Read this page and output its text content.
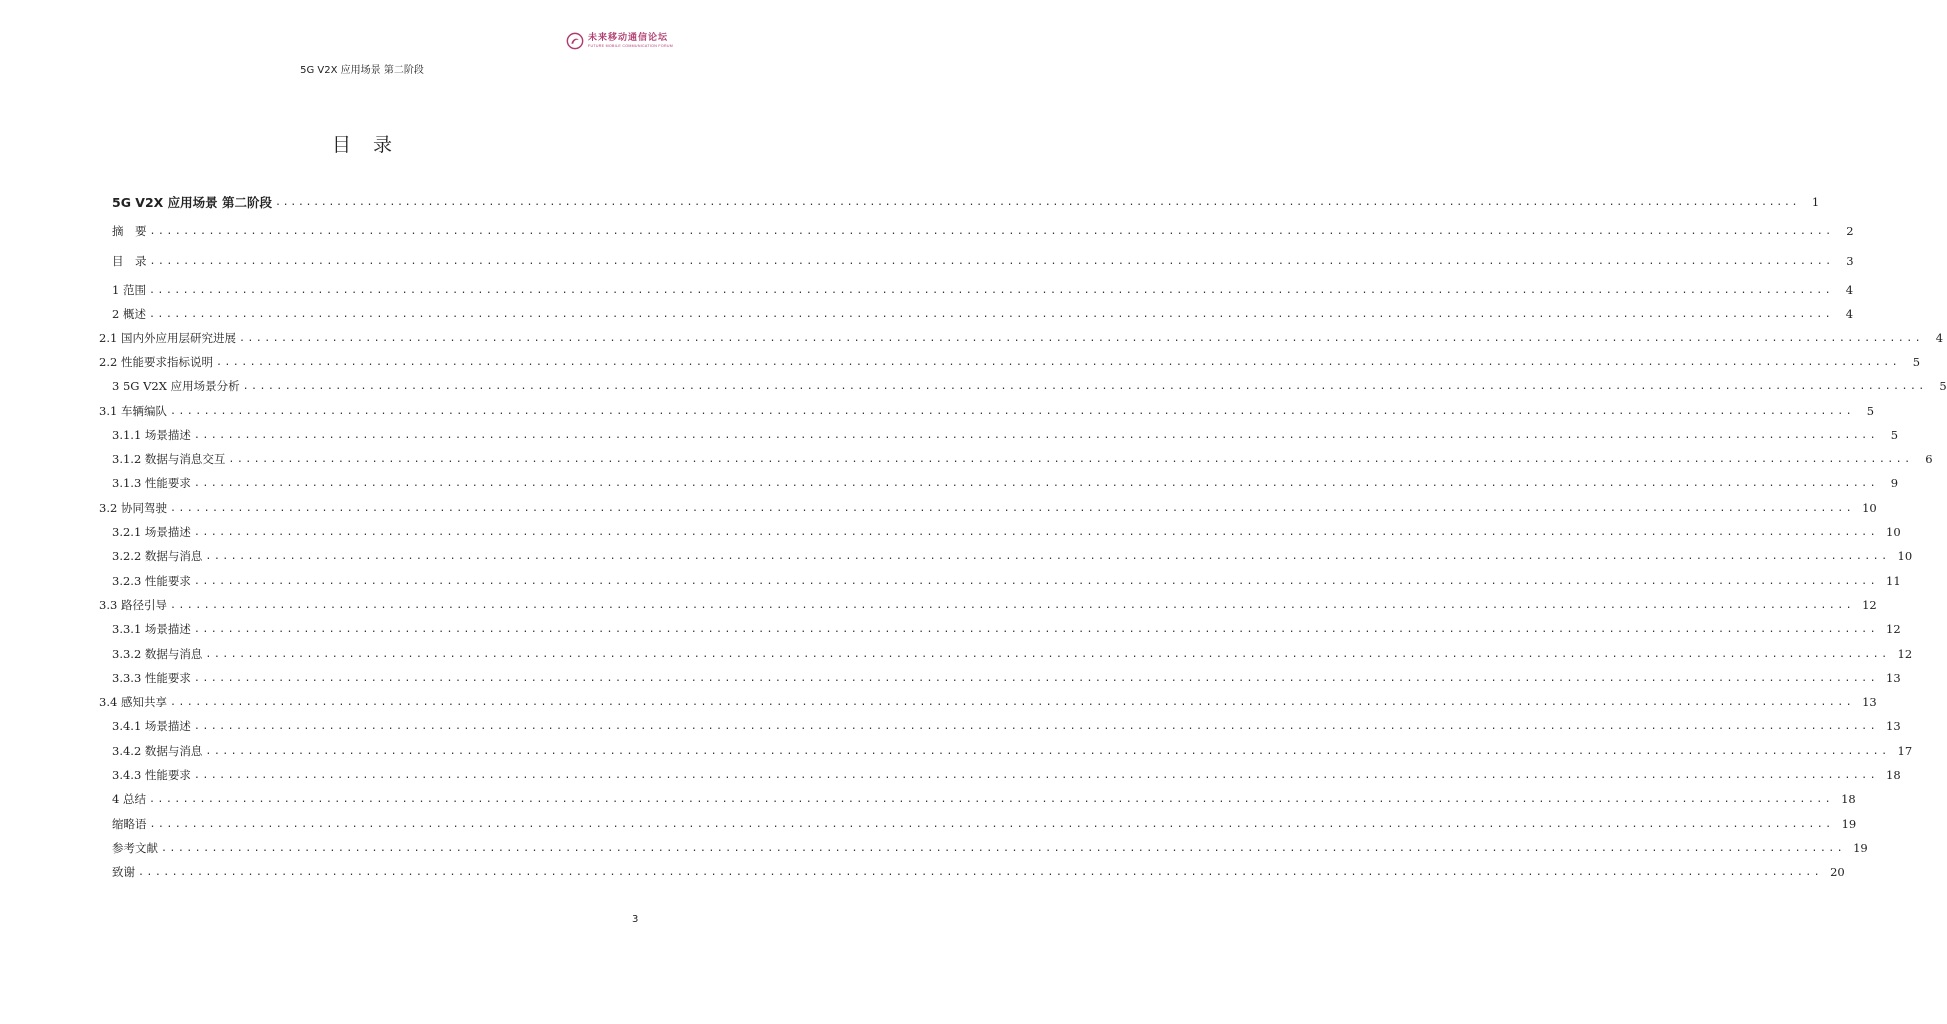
未来移动通信论坛
FUTURE MOBILE COMMUNICATION FORUM
5G V2X 应用场景 第二阶段
目 录
5G V2X 应用场景 第二阶段 ........................................................................................................................................................................................................	1
摘　要 ........................................................................................................................................................................................................	2
目　录 ........................................................................................................................................................................................................	3
1 范围 ........................................................................................................................................................................................................	4
2 概述 ........................................................................................................................................................................................................	4
2.1 国内外应用层研究进展 ........................................................................................................................................................................................................	4
2.2 性能要求指标说明 ........................................................................................................................................................................................................	5
3 5G V2X 应用场景分析 ........................................................................................................................................................................................................	5
3.1 车辆编队 ........................................................................................................................................................................................................	5
3.1.1 场景描述 ........................................................................................................................................................................................................	5
3.1.2 数据与消息交互 ........................................................................................................................................................................................................	6
3.1.3 性能要求 ........................................................................................................................................................................................................	9
3.2 协同驾驶 ........................................................................................................................................................................................................ 10
3.2.1 场景描述 ........................................................................................................................................................................................................ 10
3.2.2 数据与消息 ........................................................................................................................................................................................................ 10
3.2.3 性能要求 ........................................................................................................................................................................................................ 11
3.3 路径引导 ........................................................................................................................................................................................................ 12
3.3.1 场景描述 ........................................................................................................................................................................................................ 12
3.3.2 数据与消息 ........................................................................................................................................................................................................ 12
3.3.3 性能要求 ........................................................................................................................................................................................................ 13
3.4 感知共享 ........................................................................................................................................................................................................ 13
3.4.1 场景描述 ........................................................................................................................................................................................................ 13
3.4.2 数据与消息 ........................................................................................................................................................................................................ 17
3.4.3 性能要求 ........................................................................................................................................................................................................ 18
4 总结 ........................................................................................................................................................................................................ 18
缩略语 ........................................................................................................................................................................................................ 19
参考文献 ........................................................................................................................................................................................................ 19
致谢 ........................................................................................................................................................................................................ 20
3
